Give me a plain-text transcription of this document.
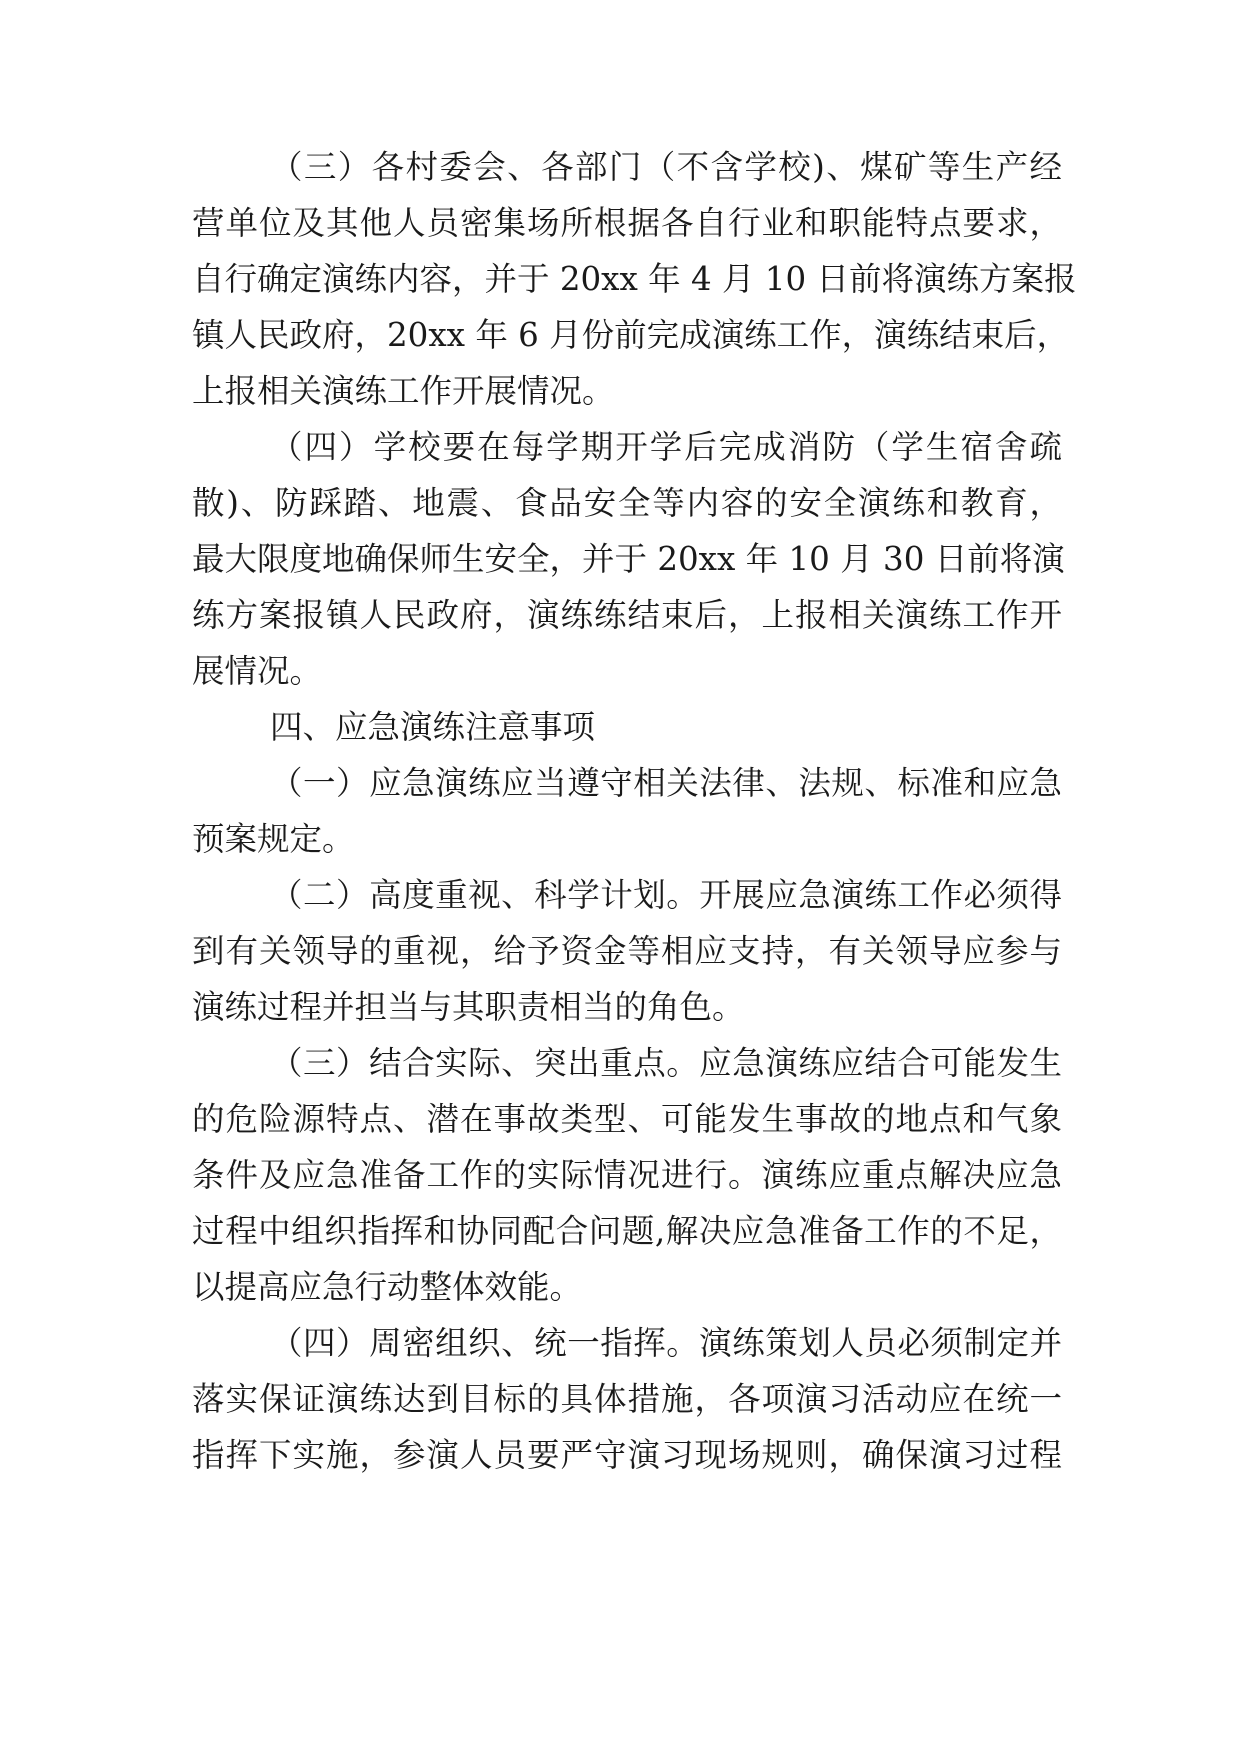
（三）各村委会、各部门（不含学校)、煤矿等生产经
营单位及其他人员密集场所根据各自行业和职能特点要求，
自行确定演练内容，并于 20xx 年 4 月 10 日前将演练方案报
镇人民政府，20xx 年 6 月份前完成演练工作，演练结束后，
上报相关演练工作开展情况。
（四）学校要在每学期开学后完成消防（学生宿舍疏
散)、防踩踏、地震、食品安全等内容的安全演练和教育，
最大限度地确保师生安全，并于 20xx 年 10 月 30 日前将演
练方案报镇人民政府，演练练结束后，上报相关演练工作开
展情况。
四、应急演练注意事项
（一）应急演练应当遵守相关法律、法规、标准和应急
预案规定。
（二）高度重视、科学计划。开展应急演练工作必须得
到有关领导的重视，给予资金等相应支持，有关领导应参与
演练过程并担当与其职责相当的角色。
（三）结合实际、突出重点。应急演练应结合可能发生
的危险源特点、潜在事故类型、可能发生事故的地点和气象
条件及应急准备工作的实际情况进行。演练应重点解决应急
过程中组织指挥和协同配合问题,解决应急准备工作的不足，
以提高应急行动整体效能。
（四）周密组织、统一指挥。演练策划人员必须制定并
落实保证演练达到目标的具体措施，各项演习活动应在统一
指挥下实施，参演人员要严守演习现场规则，确保演习过程
